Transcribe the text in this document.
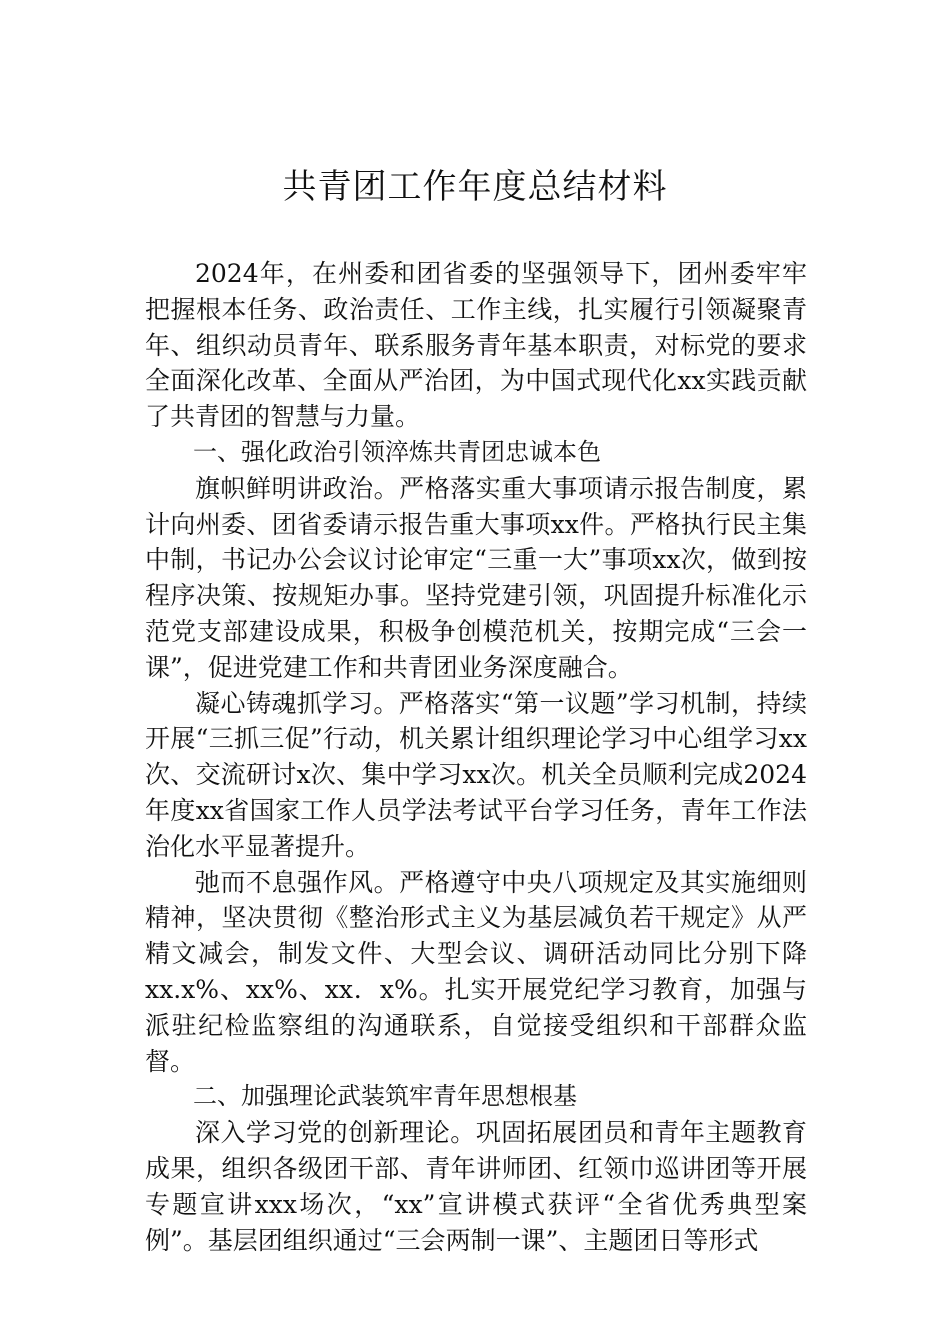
共青团工作年度总结材料

2024年，在州委和团省委的坚强领导下，团州委牢牢把握根本任务、政治责任、工作主线，扎实履行引领凝聚青年、组织动员青年、联系服务青年基本职责，对标党的要求全面深化改革、全面从严治团，为中国式现代化xx实践贡献了共青团的智慧与力量。

一、强化政治引领淬炼共青团忠诚本色

旗帜鲜明讲政治。严格落实重大事项请示报告制度，累计向州委、团省委请示报告重大事项xx件。严格执行民主集中制，书记办公会议讨论审定“三重一大”事项xx次，做到按程序决策、按规矩办事。坚持党建引领，巩固提升标准化示范党支部建设成果，积极争创模范机关，按期完成“三会一课”，促进党建工作和共青团业务深度融合。

凝心铸魂抓学习。严格落实“第一议题”学习机制，持续开展“三抓三促”行动，机关累计组织理论学习中心组学习xx次、交流研讨x次、集中学习xx次。机关全员顺利完成2024年度xx省国家工作人员学法考试平台学习任务，青年工作法治化水平显著提升。

弛而不息强作风。严格遵守中央八项规定及其实施细则精神，坚决贯彻《整治形式主义为基层减负若干规定》从严精文减会，制发文件、大型会议、调研活动同比分别下降xx.x%、xx%、xx．x%。扎实开展党纪学习教育，加强与派驻纪检监察组的沟通联系，自觉接受组织和干部群众监督。

二、加强理论武装筑牢青年思想根基

深入学习党的创新理论。巩固拓展团员和青年主题教育成果，组织各级团干部、青年讲师团、红领巾巡讲团等开展专题宣讲xxx场次，“xx”宣讲模式获评“全省优秀典型案例”。基层团组织通过“三会两制一课”、主题团日等形式
